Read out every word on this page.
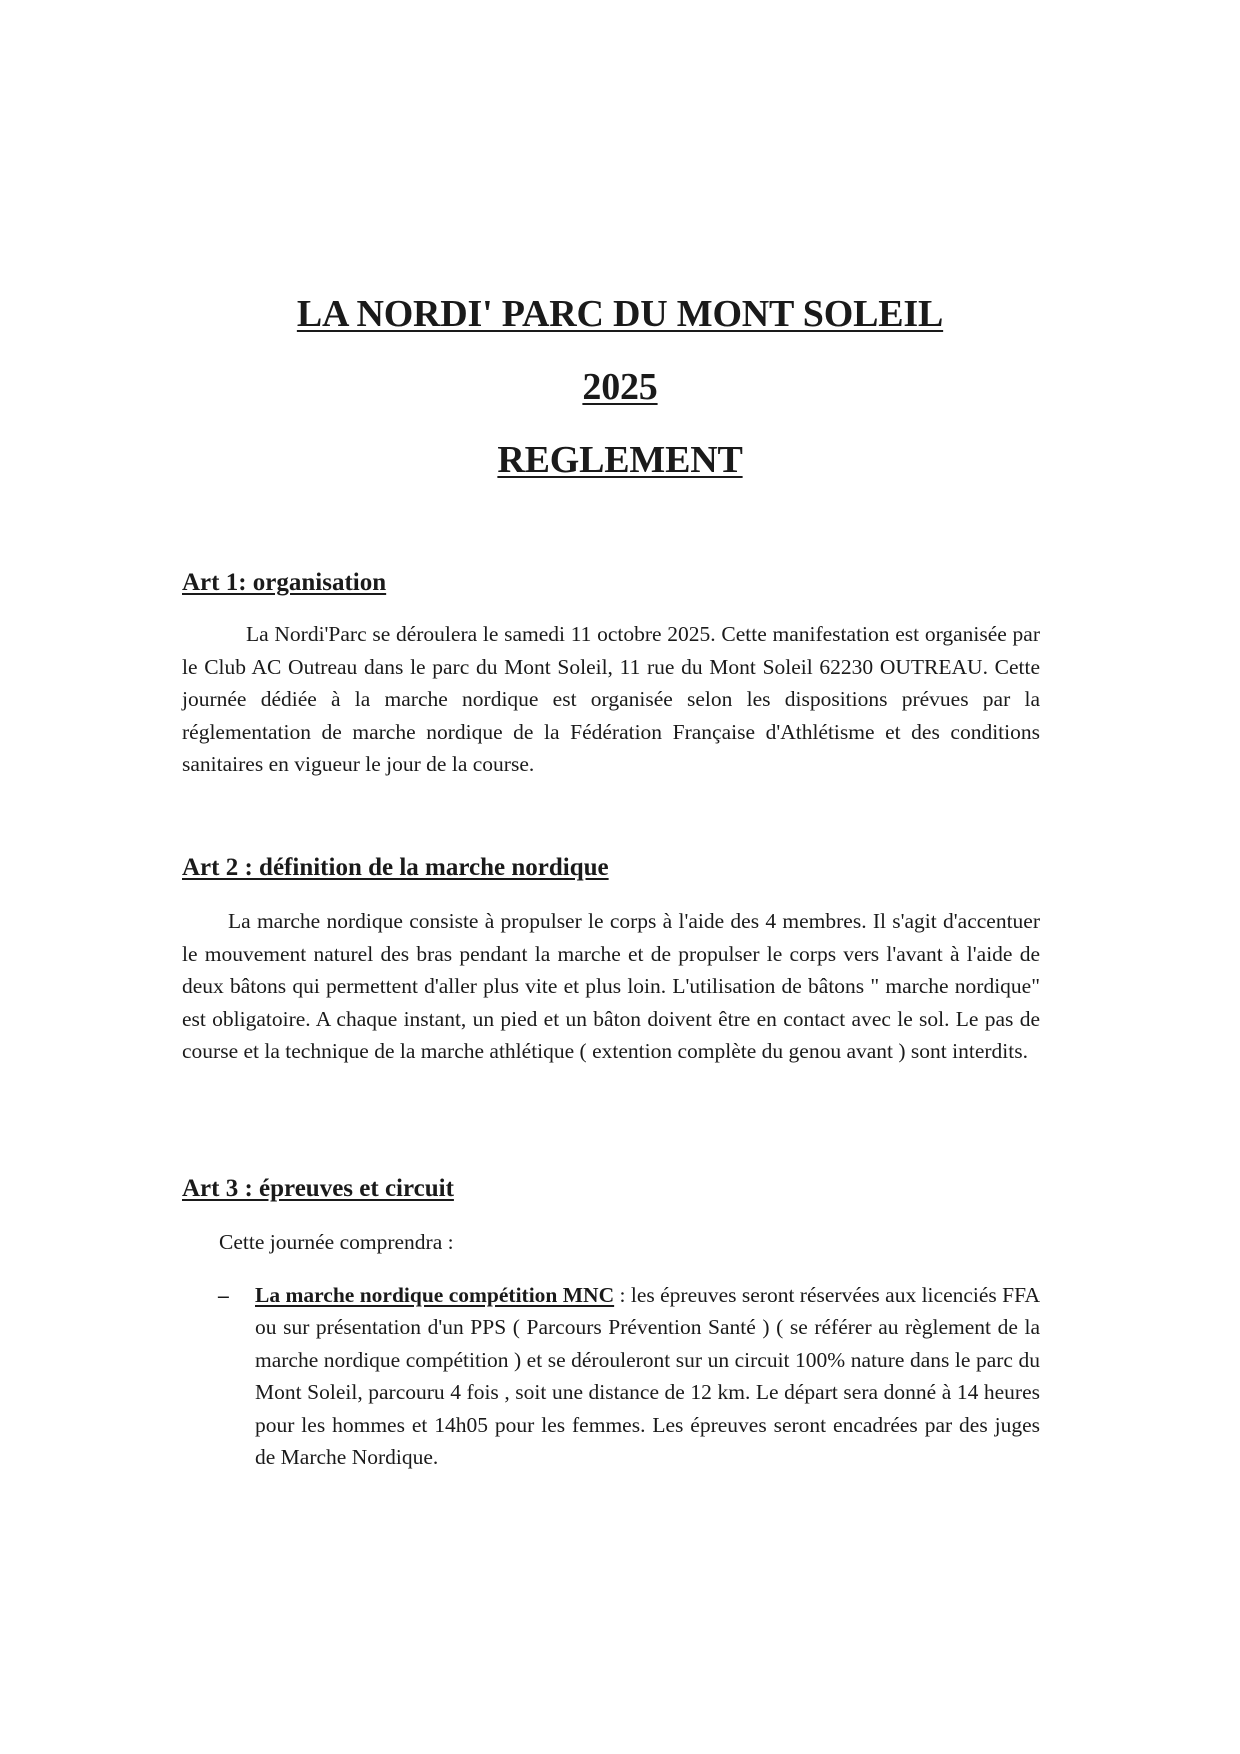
LA NORDI' PARC DU MONT SOLEIL
2025
REGLEMENT
Art 1: organisation

La Nordi'Parc se déroulera le samedi 11 octobre 2025. Cette manifestation est organisée par le Club AC Outreau dans le parc du Mont Soleil, 11 rue du Mont Soleil 62230 OUTREAU. Cette journée dédiée à la marche nordique est organisée selon les dispositions prévues par la réglementation de marche nordique de la Fédération Française d'Athlétisme et des conditions sanitaires en vigueur le jour de la course.

Art 2 : définition de la marche nordique

La marche nordique consiste à propulser le corps à l'aide des 4 membres. Il s'agit d'accentuer le mouvement naturel des bras pendant la marche et de propulser le corps vers l'avant à l'aide de deux bâtons qui permettent d'aller plus vite et plus loin. L'utilisation de bâtons " marche nordique" est obligatoire. A chaque instant, un pied et un bâton doivent être en contact avec le sol. Le pas de course et la technique de la marche athlétique ( extention complète du genou avant ) sont interdits.

Art 3 : épreuves et circuit

Cette journée comprendra :

– La marche nordique compétition MNC : les épreuves seront réservées aux licenciés FFA ou sur présentation d'un PPS ( Parcours Prévention Santé ) ( se référer au règlement de la marche nordique compétition ) et se dérouleront sur un circuit 100% nature dans le parc du Mont Soleil, parcouru 4 fois , soit une distance de 12 km. Le départ sera donné à 14 heures pour les hommes et 14h05 pour les femmes. Les épreuves seront encadrées par des juges de Marche Nordique.
